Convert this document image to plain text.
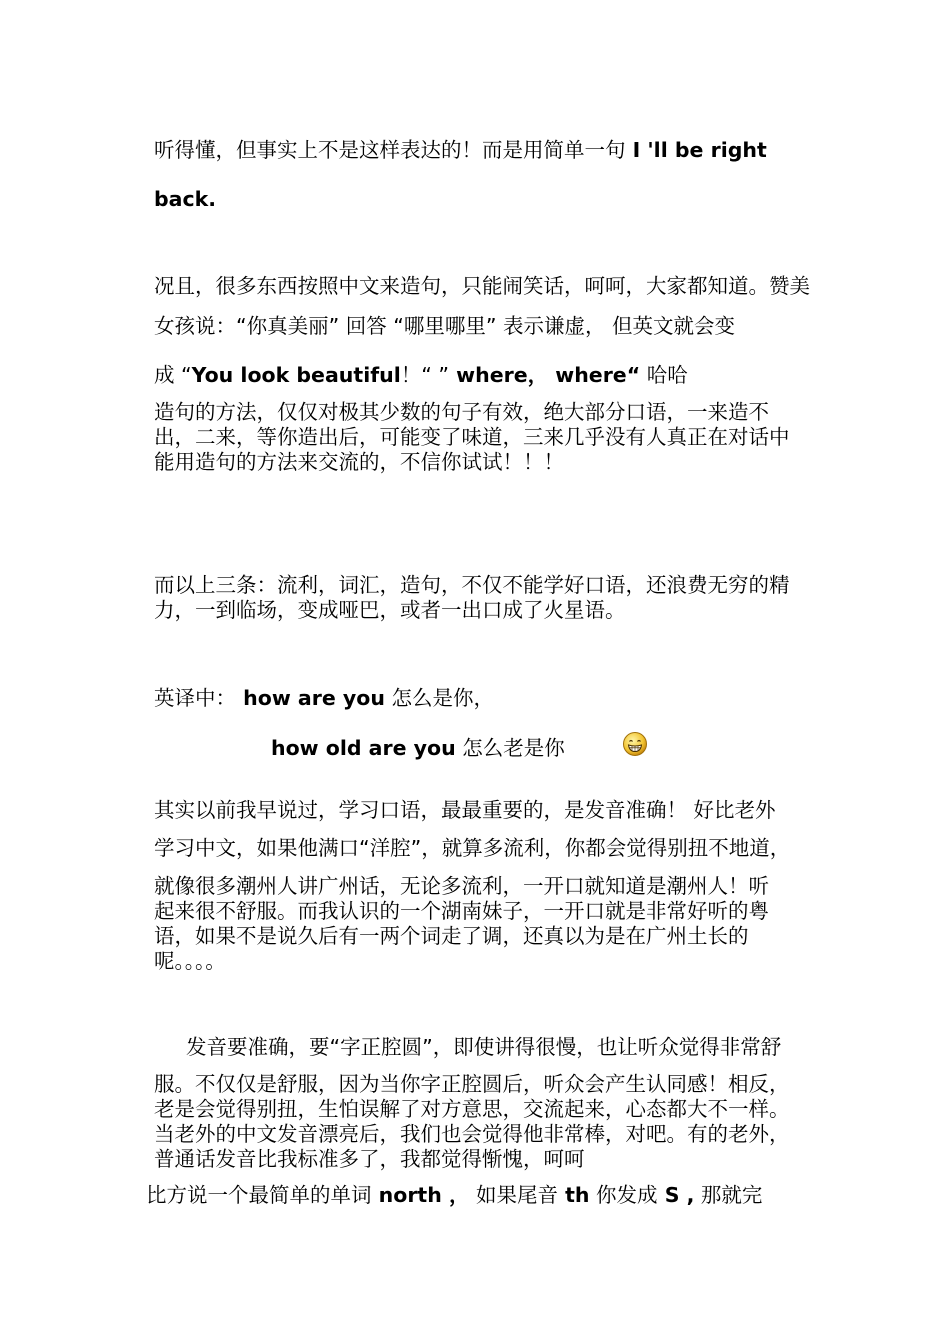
听得懂，但事实上不是这样表达的！而是用简单一句 I 'll be right
back.
况且，很多东西按照中文来造句，只能闹笑话，呵呵，大家都知道。赞美
女孩说：“你真美丽” 回答 “哪里哪里” 表示谦虚， 但英文就会变
成 “You look beautiful！“ ” where， where“ 哈哈
造句的方法，仅仅对极其少数的句子有效，绝大部分口语，一来造不
出，二来，等你造出后，可能变了味道，三来几乎没有人真正在对话中
能用造句的方法来交流的，不信你试试！！！
而以上三条：流利，词汇，造句，不仅不能学好口语，还浪费无穷的精
力，一到临场，变成哑巴，或者一出口成了火星语。
英译中： how are you 怎么是你，
how old are you 怎么老是你
其实以前我早说过，学习口语，最最重要的，是发音准确！ 好比老外
学习中文，如果他满口“洋腔”，就算多流利，你都会觉得别扭不地道，
就像很多潮州人讲广州话，无论多流利，一开口就知道是潮州人！听
起来很不舒服。而我认识的一个湖南妹子，一开口就是非常好听的粤
语，如果不是说久后有一两个词走了调，还真以为是在广州土长的
呢。。。。
发音要准确，要“字正腔圆”，即使讲得很慢，也让听众觉得非常舒
服。不仅仅是舒服，因为当你字正腔圆后，听众会产生认同感！相反，
老是会觉得别扭，生怕误解了对方意思，交流起来，心态都大不一样。
当老外的中文发音漂亮后，我们也会觉得他非常棒，对吧。有的老外，
普通话发音比我标准多了，我都觉得惭愧，呵呵
比方说一个最简单的单词 north ， 如果尾音 th 你发成 S , 那就完
